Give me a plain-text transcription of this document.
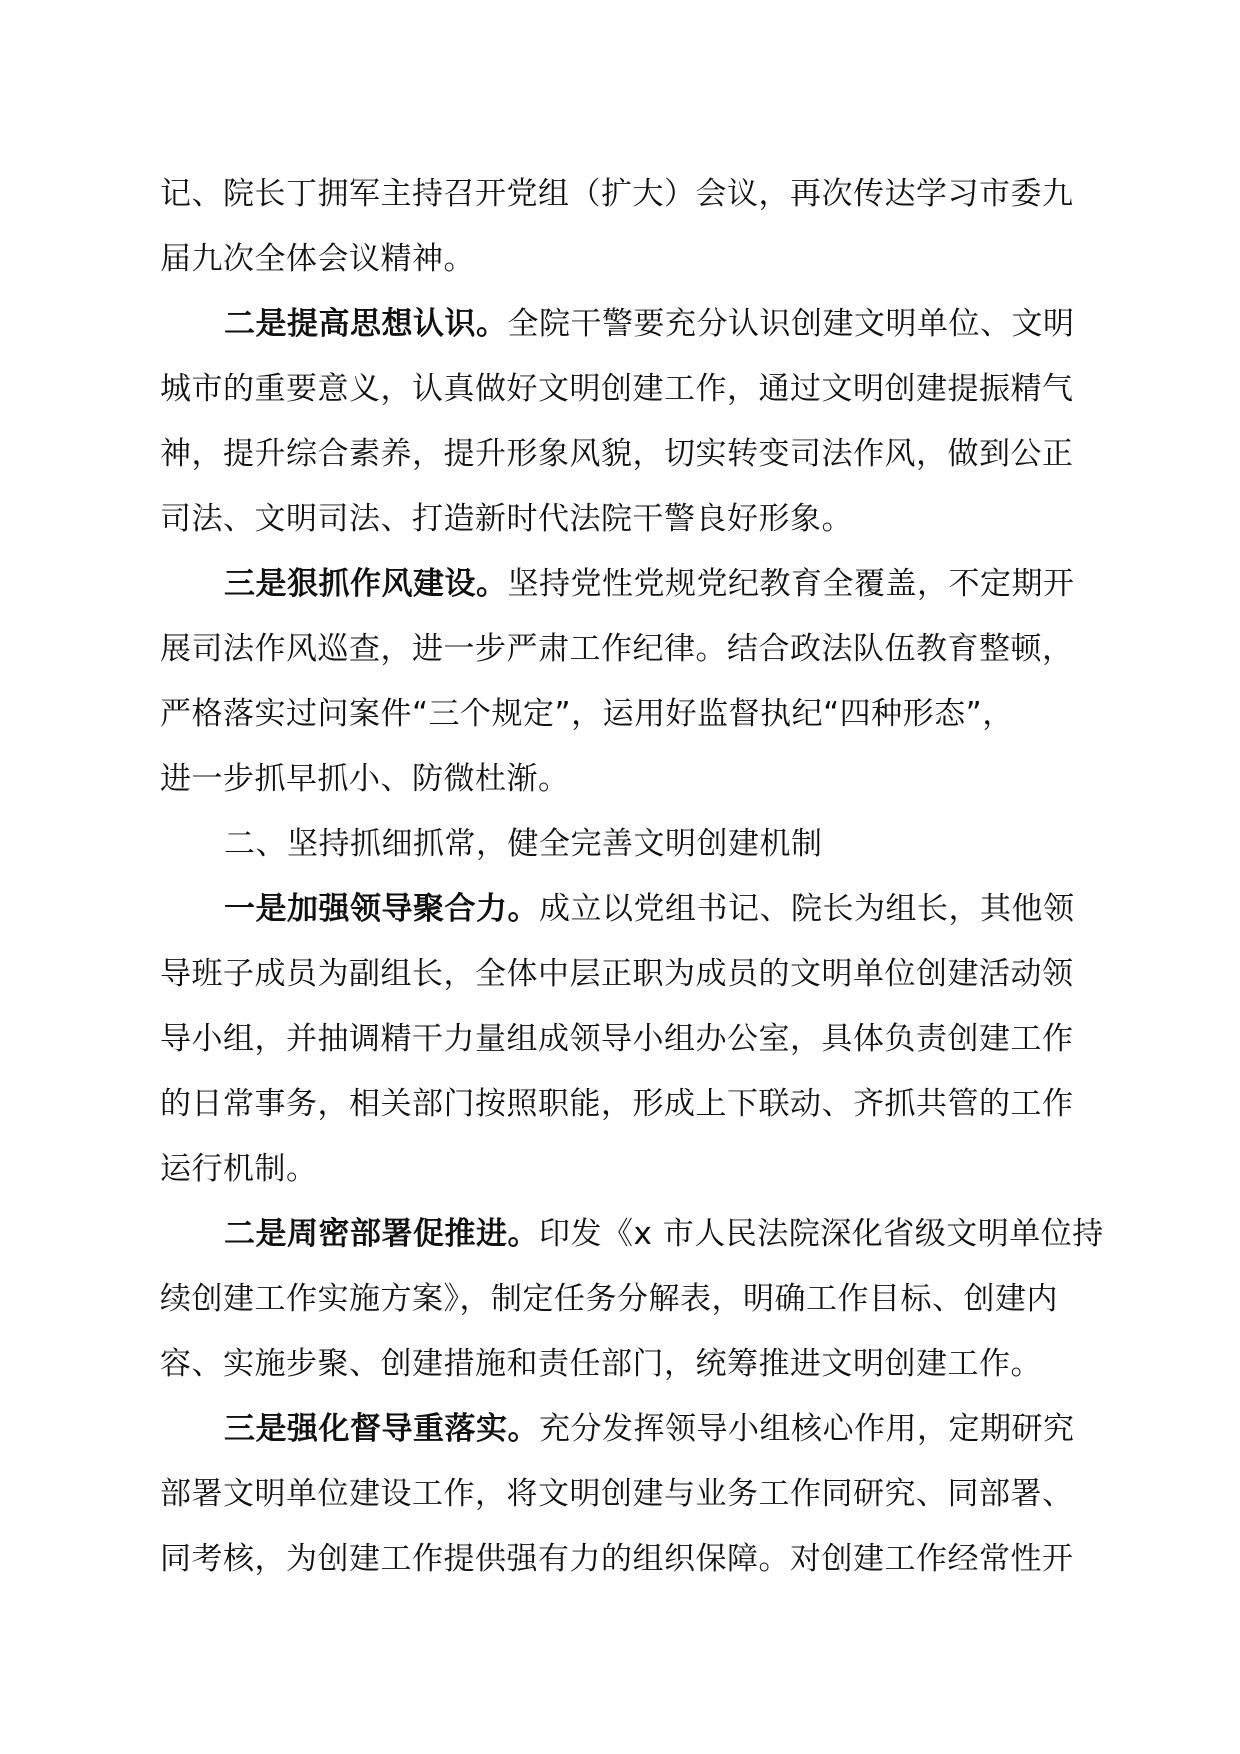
记、院长丁拥军主持召开党组（扩大）会议，再次传达学习市委九
届九次全体会议精神。
二是提高思想认识。全院干警要充分认识创建文明单位、文明
城市的重要意义，认真做好文明创建工作，通过文明创建提振精气
神，提升综合素养，提升形象风貌，切实转变司法作风，做到公正
司法、文明司法、打造新时代法院干警良好形象。
三是狠抓作风建设。坚持党性党规党纪教育全覆盖，不定期开
展司法作风巡查，进一步严肃工作纪律。结合政法队伍教育整顿，
严格落实过问案件“三个规定”，运用好监督执纪“四种形态”，
进一步抓早抓小、防微杜渐。
二、坚持抓细抓常，健全完善文明创建机制
一是加强领导聚合力。成立以党组书记、院长为组长，其他领
导班子成员为副组长，全体中层正职为成员的文明单位创建活动领
导小组，并抽调精干力量组成领导小组办公室，具体负责创建工作
的日常事务，相关部门按照职能，形成上下联动、齐抓共管的工作
运行机制。
二是周密部署促推进。印发《x 市人民法院深化省级文明单位持
续创建工作实施方案》，制定任务分解表，明确工作目标、创建内
容、实施步聚、创建措施和责任部门，统筹推进文明创建工作。
三是强化督导重落实。充分发挥领导小组核心作用，定期研究
部署文明单位建设工作，将文明创建与业务工作同研究、同部署、
同考核，为创建工作提供强有力的组织保障。对创建工作经常性开
